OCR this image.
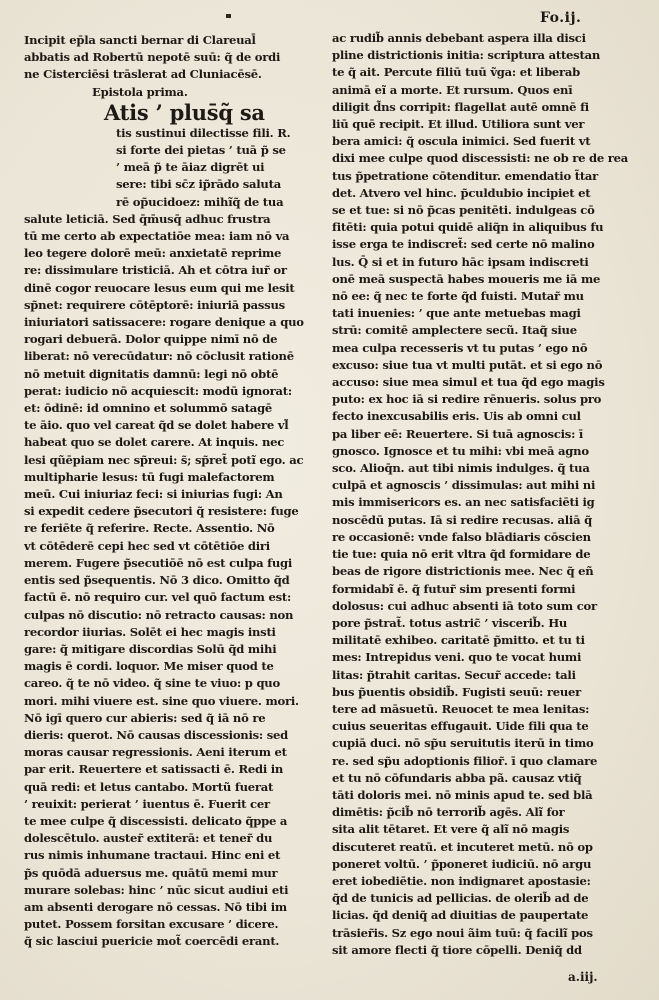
Fo.ij.
Incipit ep̄la sancti bernar di Clareual̄
abbatis ad Robertū nepotē suū: q̃ de ordi
ne Cisterciēsi trāslerat ad Cluniacēsē.
Epistola prima.
Atis ’ plus̄q̃ sa
tis sustinui dilectisse fili. R.
si forte dei pietas ’ tuā p̃ se
’ meā p̃ te āiaz digrēt ui
sere: tibi sc̄z ip̃rādo saluta
rē op̃ucidoez: mihĩq̃ de tua
salute leticiā. Sed q̄m̄usq̄ adhuc frustra
tū me certo ab expectatiōe mea: iam nō va
leo tegere dolorē meū: anxietatē reprime
re: dissimulare tristiciā. Ah et cōtra iur̃ or
dinē cogor reuocare lesus eum qui me lesit
sp̃net: requirere cōtēptorē: iniuriā passus
iniuriatori satissacere: rogare denique a quo
rogari debuerā. Dolor quippe nimī nō de
liberat: nō verecūdatur: nō cōclusit rationē
nō metuit dignitatis damnū: legi nō obtē
perat: iudicio nō acquiescit: modū ignorat:
et: ōdinē: id omnino et solummō satagē
te āio. quo vel careat q̃d se dolet habere vl̃
habeat quo se dolet carere. At inquis. nec
lesi qũēpiam nec sp̃reui: s̃; sp̃ret̃ potĩ ego. ac
multipharie lesus: tū fugi malefactorem
meū. Cui iniuriaz feci: si iniurias fugi: An
si expedit cedere p̃secutori q̃ resistere: fuge
re feriēte q̃ referire. Recte. Assentio. Nō
vt cōtēderē cepi hec sed vt cōtētiōe diri
merem. Fugere p̃secutiōē nō est culpa fugi
entis sed p̃sequentis. Nō 3 dico. Omitto q̃d
factū ē. nō requiro cur. vel quō factum est:
culpas nō discutio: nō retracto causas: non
recordor iiurias. Solēt ei hec magis insti
gare: q̃ mitigare discordias Solū q̃d mihi
magis ē cordi. loquor. Me miser quod te
careo. q̃ te nō video. q̃ sine te viuo: p quo
mori. mihi viuere est. sine quo viuere. mori.
Nō igī quero cur abieris: sed q̃ iā nō re
dieris: querot. Nō causas discessionis: sed
moras causar regressionis. Aeni iterum et
par erit. Reuertere et satissacti ē. Redi in
quā redi: et letus cantabo. Mortũ fuerat
’ reuixit: perierat ’ iuentus ē. Fuerit cer
te mee culpe q̃ discessisti. delicato q̃ppe a
dolescētulo. auster̃ extiterā: et tener̃ du
rus nimis inhumane tractaui. Hinc eni et
p̃s quōdā aduersus me. quātū memi mur
murare solebas: hinc ’ nūc sicut audiui eti
am absenti derogare nō cessas. Nō tibi im
putet. Possem forsitan excusare ’ dicere.
q̃ sic lasciui puericie mot̃ coercēdi erant.
ac rudib̃ annis debebant aspera illa disci
pline districtionis initia: scriptura attestan
te q̃ ait. Percute filiū tuū ṽga: et liberab
animā eĩ a morte. Et rursum. Quos enī
diligit d̃ns corripit: flagellat autē omnē fi
liū quē recipit. Et illud. Utiliora sunt ver
bera amici: q̃ oscula inimici. Sed fuerit vt
dixi mee culpe quod discessisti: ne ob re de rea
tus p̃petratione cōtenditur. emendatio t̃tar
det. Atvero vel hinc. p̃culdubio incipiet et
se et tue: si nō p̃cas penitēti. indulgeas cō
fitēti: quia potui quidē aliq̃n in aliquibus fu
isse erga te indiscret̃: sed certe nō malino
lus. Q̄ si et in futuro hāc ipsam indiscreti
onē meā suspectā habes moueris me iā me
nō ee: q̃ nec te forte q̃d fuisti. Mutar̃ mu
tati inuenies: ’ que ante metuebas magi
strū: comitē amplectere secũ. Itaq̃ siue
mea culpa recesseris vt tu putas ’ ego nō
excuso: siue tua vt multi putāt. et si ego nō
accuso: siue mea simul et tua q̃d ego magis
puto: ex hoc iā si redire rēnueris. solus pro
fecto inexcusabilis eris. Uis ab omni cul
pa liber eē: Reuertere. Si tuā agnoscis: ī
gnosco. Ignosce et tu mihi: vbi meā agno
sco. Alioq̄n. aut tibi nimis indulges. q̃ tua
culpā et agnoscis ’ dissimulas: aut mihi ni
mis immisericors es. an nec satisfaciēti ig
noscēdū putas. Iā si redire recusas. aliā q̃
re occasionē: vnde falso blādiaris cōscien
tie tue: quia nō erit vltra q̃d formidare de
beas de rigore districtionis mee. Nec q̃ eñ
formidabĩ ē. q̃ futur̃ sim presenti formi
dolosus: cui adhuc absenti iā toto sum cor
pore p̃strat̃. totus astric̃ ’ viscerib̃. Hu
militatē exhibeo. caritatē p̃mitto. et tu ti
mes: Intrepidus veni. quo te vocat humi
litas: p̃trahit caritas. Secur̃ accede: tali
bus p̃uentis obsidib̃. Fugisti seuū: reuer
tere ad māsuetū. Reuocet te mea lenitas:
cuius seueritas effugauit. Uide fili qua te
cupiā duci. nō sp̃u seruitutis iterū in timo
re. sed sp̃u adoptionis filior̃. ī quo clamare
et tu nō cōfundaris abba pã. causaz vtiq̃
tāti doloris mei. nō minis apud te. sed blā
dimētis: p̃cib̃ nō terrorib̃ agēs. Alĩ for
sita alit tētaret. Et vere q̃ alĩ nō magis
discuteret reatū. et incuteret metū. nō op
poneret voltū. ’ p̃poneret iudiciū. nō argu
eret iobediētie. non indignaret apostasie:
q̃d de tunicis ad pellicias. de olerib̃ ad de
licias. q̃d deniq̃ ad diuitias de paupertate
trāsier̃is. Sz ego noui ãim tuū: q̃ facilĩ pos
sit amore flecti q̃ tiore cōpelli. Deniq̃ dd
a.iij.
